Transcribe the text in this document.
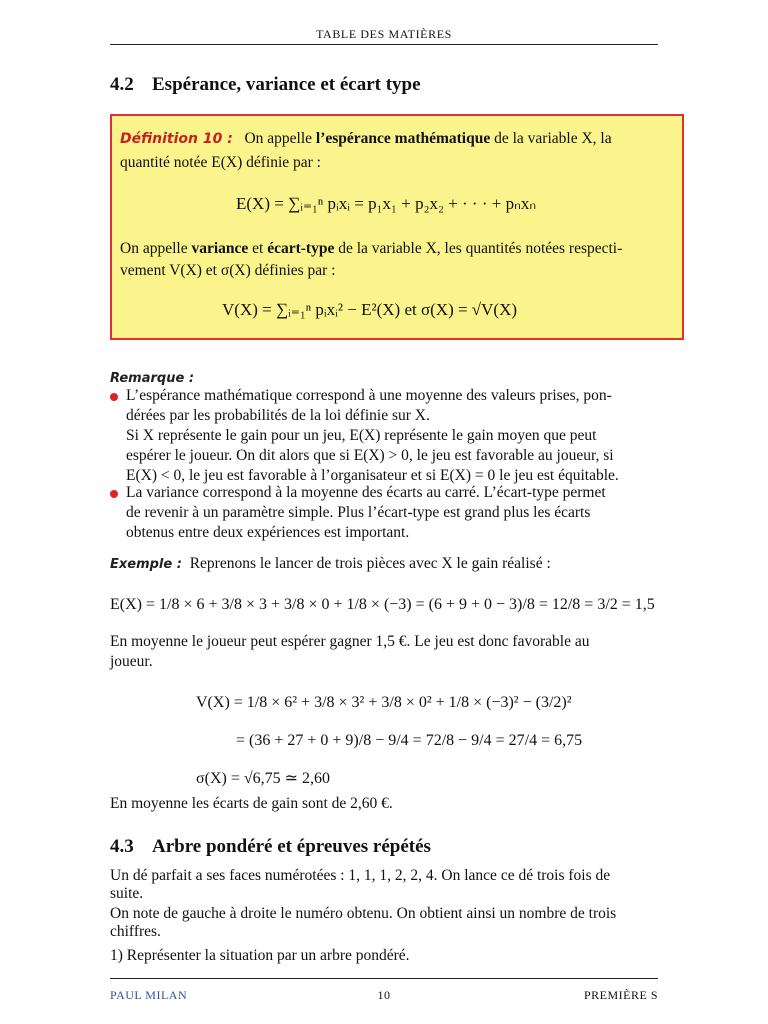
TABLE DES MATIÈRES
4.2 Espérance, variance et écart type
Définition 10 : On appelle l’espérance mathématique de la variable X, la
quantité notée E(X) définie par :
E(X) = ∑ᵢ₌₁ⁿ pᵢxᵢ = p₁x₁ + p₂x₂ + · · · + pₙxₙ
On appelle variance et écart-type de la variable X, les quantités notées respecti-
vement V(X) et σ(X) définies par :
V(X) = ∑ᵢ₌₁ⁿ pᵢxᵢ² − E²(X) et σ(X) = √V(X)
Remarque :
L’espérance mathématique correspond à une moyenne des valeurs prises, pon-
dérées par les probabilités de la loi définie sur X.
Si X représente le gain pour un jeu, E(X) représente le gain moyen que peut
espérer le joueur. On dit alors que si E(X) > 0, le jeu est favorable au joueur, si
E(X) < 0, le jeu est favorable à l’organisateur et si E(X) = 0 le jeu est équitable.
La variance correspond à la moyenne des écarts au carré. L’écart-type permet
de revenir à un paramètre simple. Plus l’écart-type est grand plus les écarts
obtenus entre deux expériences est important.
Exemple : Reprenons le lancer de trois pièces avec X le gain réalisé :
E(X) = 1/8 × 6 + 3/8 × 3 + 3/8 × 0 + 1/8 × (−3) = (6 + 9 + 0 − 3)/8 = 12/8 = 3/2 = 1,5
En moyenne le joueur peut espérer gagner 1,5 €. Le jeu est donc favorable au
joueur.
V(X) = 1/8 × 6² + 3/8 × 3² + 3/8 × 0² + 1/8 × (−3)² − (3/2)²
= (36 + 27 + 0 + 9)/8 − 9/4 = 72/8 − 9/4 = 27/4 = 6,75
σ(X) = √6,75 ≃ 2,60
En moyenne les écarts de gain sont de 2,60 €.
4.3 Arbre pondéré et épreuves répétés
Un dé parfait a ses faces numérotées : 1, 1, 1, 2, 2, 4. On lance ce dé trois fois de
suite.
On note de gauche à droite le numéro obtenu. On obtient ainsi un nombre de trois
chiffres.
1) Représenter la situation par un arbre pondéré.
PAUL MILAN	10	PREMIÈRE S
